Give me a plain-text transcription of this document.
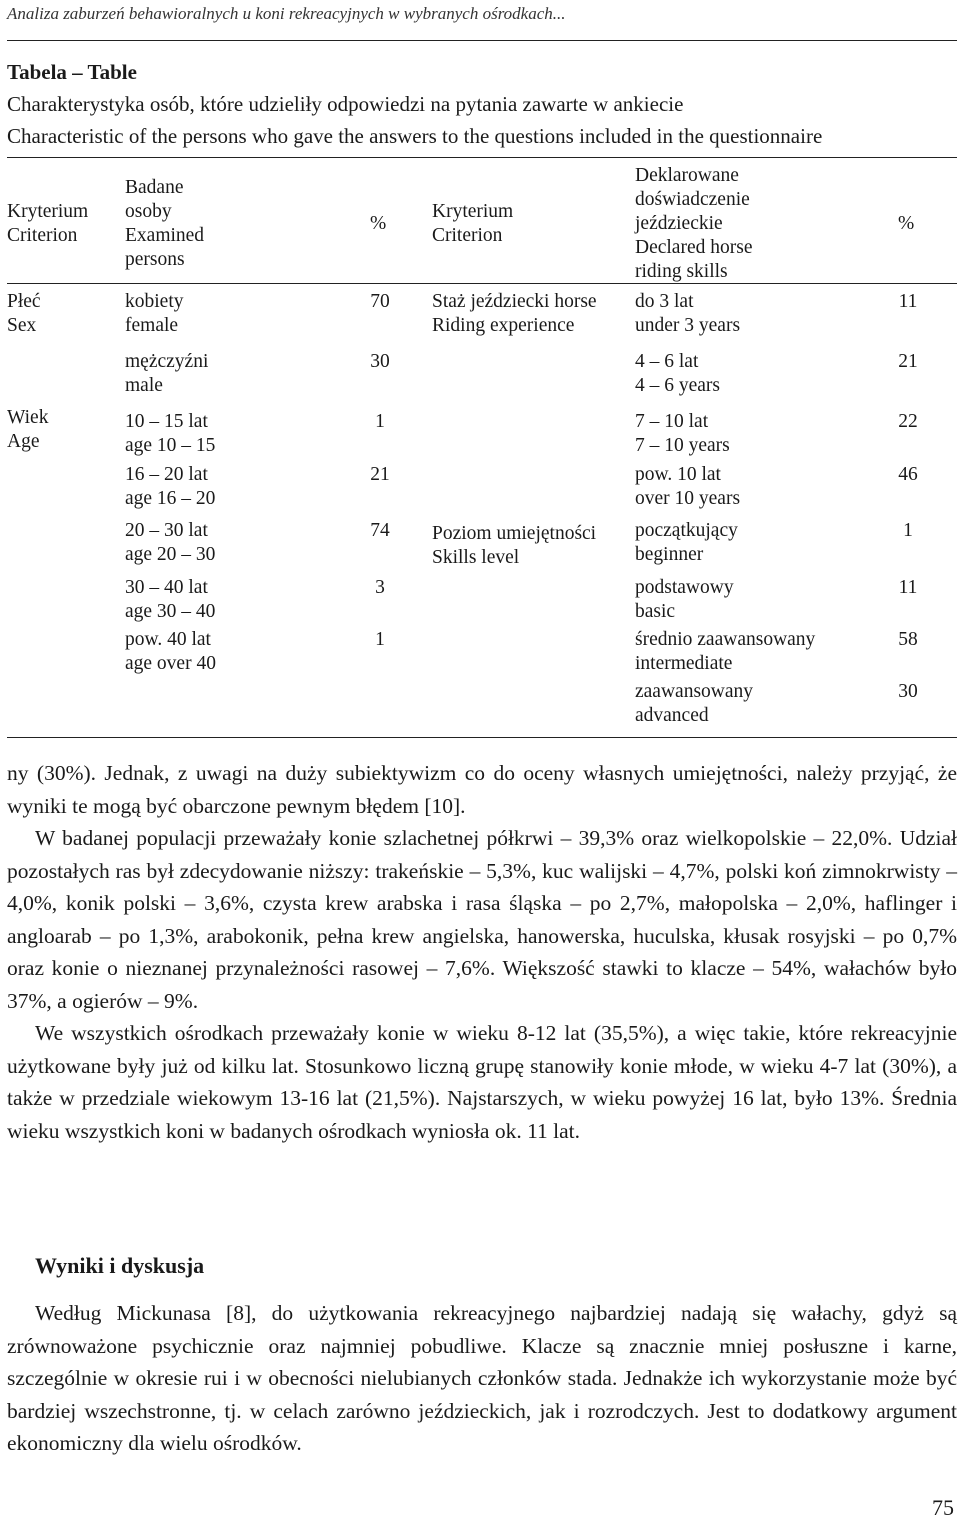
Analiza zaburzeń behawioralnych u koni rekreacyjnych w wybranych ośrodkach...
Tabela – Table
Charakterystyka osób, które udzieliły odpowiedzi na pytania zawarte w ankiecie
Characteristic of the persons who gave the answers to the questions included in the questionnaire
Kryterium
Criterion
Badane
osoby
Examined
persons
%
Kryterium
Criterion
Deklarowane
doświadczenie
jeździeckie
Declared horse
riding skills
%
Płeć
Sex
Wiek
Age
kobiety
female
70
mężczyźni
male
30
10 – 15 lat
age 10 – 15
1
16 – 20 lat
age 16 – 20
21
20 – 30 lat
age 20 – 30
74
30 – 40 lat
age 30 – 40
3
pow. 40 lat
age over 40
1
Staż jeździecki horse
Riding experience
Poziom umiejętności
Skills level
do 3 lat
under 3 years
11
4 – 6 lat
4 – 6 years
21
7 – 10 lat
7 – 10 years
22
pow. 10 lat
over 10 years
46
początkujący
beginner
1
podstawowy
basic
11
średnio zaawansowany
intermediate
58
zaawansowany
advanced
30

ny (30%). Jednak, z uwagi na duży subiektywizm co do oceny własnych umiejętności, należy przyjąć, że wyniki te mogą być obarczone pewnym błędem [10].

W badanej populacji przeważały konie szlachetnej półkrwi – 39,3% oraz wielkopolskie – 22,0%. Udział pozostałych ras był zdecydowanie niższy: trakeńskie – 5,3%, kuc walijski – 4,7%, polski koń zimnokrwisty – 4,0%, konik polski – 3,6%, czysta krew arabska i rasa śląska – po 2,7%, małopolska – 2,0%, haflinger i angloarab – po 1,3%, arabokonik, pełna krew angielska, hanowerska, huculska, kłusak rosyjski – po 0,7% oraz konie o nieznanej przynależności rasowej – 7,6%. Większość stawki to klacze – 54%, wałachów było 37%, a ogierów – 9%.

We wszystkich ośrodkach przeważały konie w wieku 8-12 lat (35,5%), a więc takie, które rekreacyjnie użytkowane były już od kilku lat. Stosunkowo liczną grupę stanowiły konie młode, w wieku 4-7 lat (30%), a także w przedziale wiekowym 13-16 lat (21,5%). Najstarszych, w wieku powyżej 16 lat, było 13%. Średnia wieku wszystkich koni w badanych ośrodkach wyniosła ok. 11 lat.

Wyniki i dyskusja

Według Mickunasa [8], do użytkowania rekreacyjnego najbardziej nadają się wałachy, gdyż są zrównoważone psychicznie oraz najmniej pobudliwe. Klacze są znacznie mniej posłuszne i karne, szczególnie w okresie rui i w obecności nielubianych członków stada. Jednakże ich wykorzystanie może być bardziej wszechstronne, tj. w celach zarówno jeździeckich, jak i rozrodczych. Jest to dodatkowy argument ekonomiczny dla wielu ośrodków.

75
